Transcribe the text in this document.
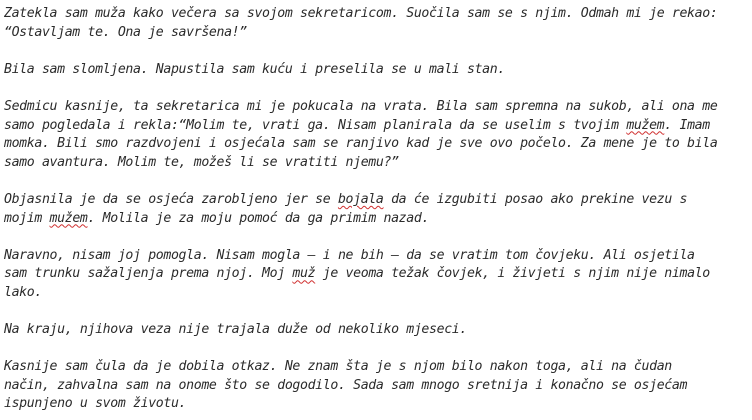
Zatekla sam muža kako večera sa svojom sekretaricom. Suočila sam se s njim. Odmah mi je rekao:
“Ostavljam te. Ona je savršena!”
Bila sam slomljena. Napustila sam kuću i preselila se u mali stan.
Sedmicu kasnije, ta sekretarica mi je pokucala na vrata. Bila sam spremna na sukob, ali ona me
samo pogledala i rekla:“Molim te, vrati ga. Nisam planirala da se uselim s tvojim mužem. Imam
momka. Bili smo razdvojeni i osjećala sam se ranjivo kad je sve ovo počelo. Za mene je to bila
samo avantura. Molim te, možeš li se vratiti njemu?”
Objasnila je da se osjeća zarobljeno jer se bojala da će izgubiti posao ako prekine vezu s
mojim mužem. Molila je za moju pomoć da ga primim nazad.
Naravno, nisam joj pomogla. Nisam mogla – i ne bih – da se vratim tom čovjeku. Ali osjetila
sam trunku sažaljenja prema njoj. Moj muž je veoma težak čovjek, i živjeti s njim nije nimalo
lako.
Na kraju, njihova veza nije trajala duže od nekoliko mjeseci.
Kasnije sam čula da je dobila otkaz. Ne znam šta je s njom bilo nakon toga, ali na čudan
način, zahvalna sam na onome što se dogodilo. Sada sam mnogo sretnija i konačno se osjećam
ispunjeno u svom životu.
